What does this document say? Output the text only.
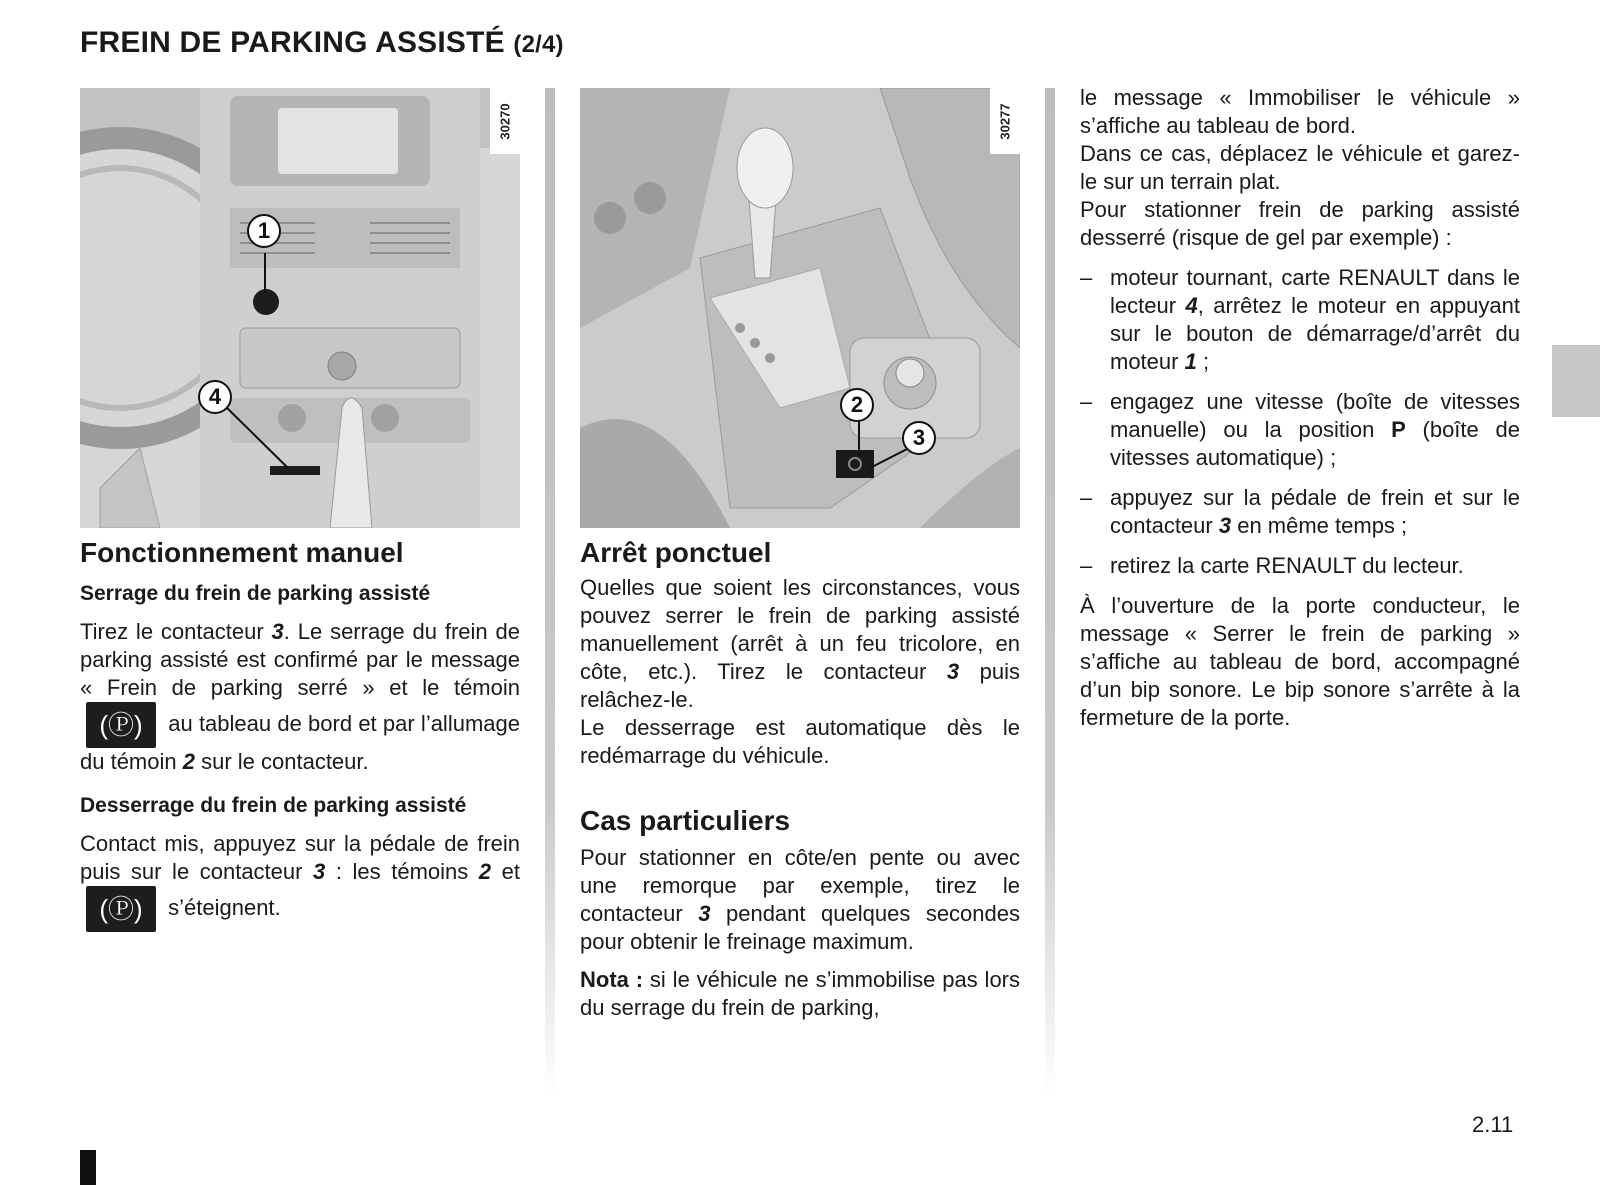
FREIN DE PARKING ASSISTÉ (2/4)
30270
1
4
Fonctionnement manuel
Serrage du frein de parking assisté

Tirez le contacteur 3. Le serrage du frein de parking assisté est confirmé par le message « Frein de parking serré » et le témoin (Ⓟ) au tableau de bord et par l’allumage du témoin 2 sur le contacteur.

Desserrage du frein de parking assisté

Contact mis, appuyez sur la pédale de frein puis sur le contacteur 3 : les témoins 2 et (Ⓟ) s’éteignent.

30277
2
3
Arrêt ponctuel

Quelles que soient les circonstances, vous pouvez serrer le frein de parking assisté manuellement (arrêt à un feu tricolore, en côte, etc.). Tirez le contacteur 3 puis relâchez-le.

Le desserrage est automatique dès le redémarrage du véhicule.

Cas particuliers

Pour stationner en côte/en pente ou avec une remorque par exemple, tirez le contacteur 3 pendant quelques secondes pour obtenir le freinage maximum.

Nota : si le véhicule ne s’immobilise pas lors du serrage du frein de parking,

le message « Immobiliser le véhicule » s’affiche au tableau de bord.

Dans ce cas, déplacez le véhicule et garez-le sur un terrain plat.

Pour stationner frein de parking assisté desserré (risque de gel par exemple) :

– moteur tournant, carte RENAULT dans le lecteur 4, arrêtez le moteur en appuyant sur le bouton de démarrage/d’arrêt du moteur 1 ;
– engagez une vitesse (boîte de vitesses manuelle) ou la position P (boîte de vitesses automatique) ;
– appuyez sur la pédale de frein et sur le contacteur 3 en même temps ;
– retirez la carte RENAULT du lecteur.

À l’ouverture de la porte conducteur, le message « Serrer le frein de parking » s’affiche au tableau de bord, accompagné d’un bip sonore. Le bip sonore s’arrête à la fermeture de la porte.

2.11
